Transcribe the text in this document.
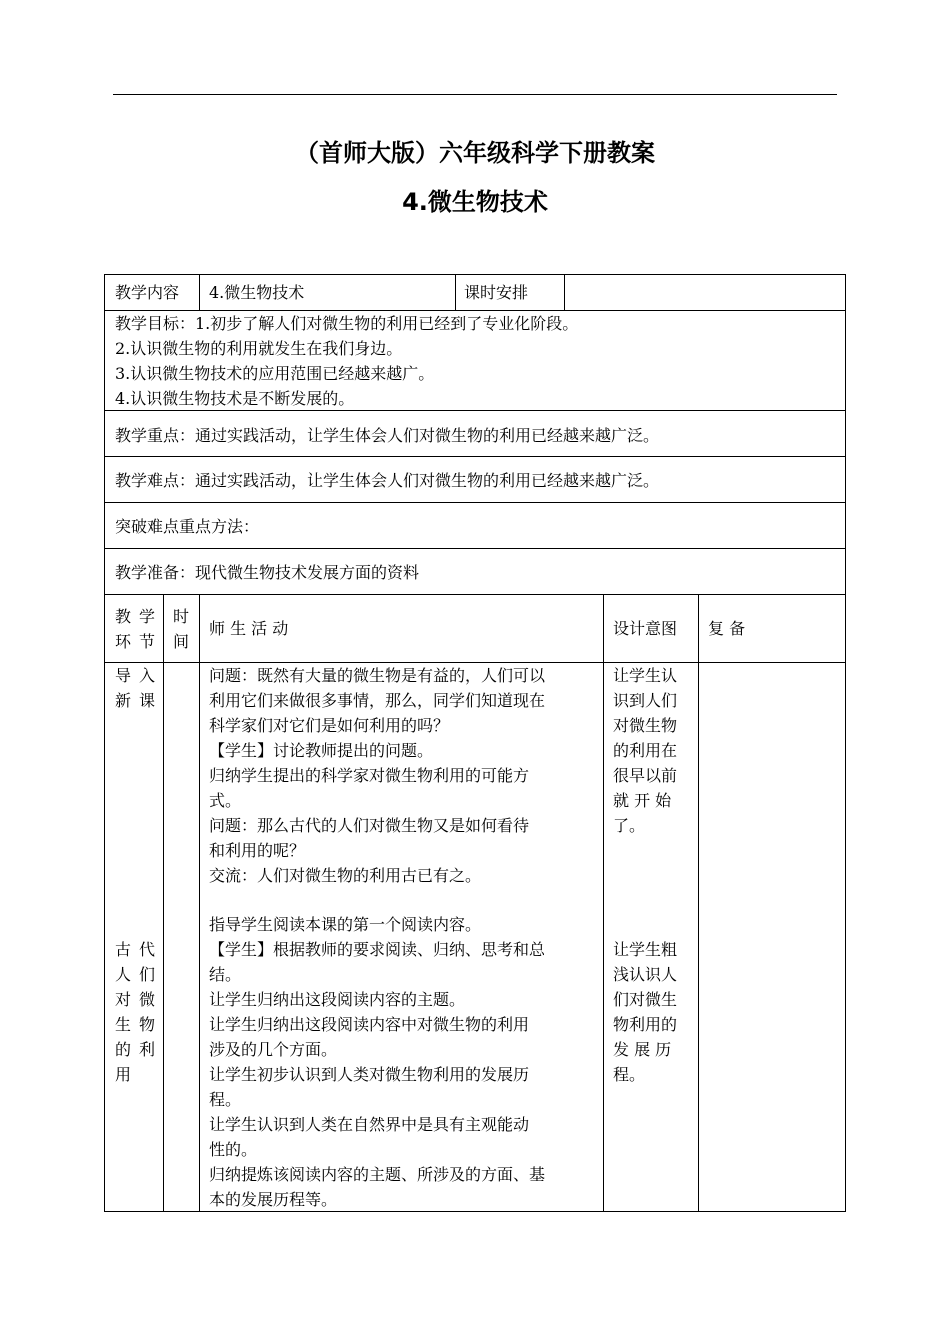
（首师大版）六年级科学下册教案
4.微生物技术
教学内容 4.微生物技术	课时安排
教学目标：1.初步了解人们对微生物的利用已经到了专业化阶段。
2.认识微生物的利用就发生在我们身边。
3.认识微生物技术的应用范围已经越来越广。
4.认识微生物技术是不断发展的。
教学重点：通过实践活动，让学生体会人们对微生物的利用已经越来越广泛。
教学难点：通过实践活动，让学生体会人们对微生物的利用已经越来越广泛。
突破难点重点方法：
教学准备：现代微生物技术发展方面的资料
教学
环节
时
间
师 生 活 动	设计意图 复 备
导入
新课
古代
人们
对微
生物
的利
用
问题：既然有大量的微生物是有益的，人们可以
利用它们来做很多事情，那么，同学们知道现在
科学家们对它们是如何利用的吗？
【学生】讨论教师提出的问题。
归纳学生提出的科学家对微生物利用的可能方
式。
问题：那么古代的人们对微生物又是如何看待
和利用的呢？
交流：人们对微生物的利用古已有之。
指导学生阅读本课的第一个阅读内容。
【学生】根据教师的要求阅读、归纳、思考和总
结。
让学生归纳出这段阅读内容的主题。
让学生归纳出这段阅读内容中对微生物的利用
涉及的几个方面。
让学生初步认识到人类对微生物利用的发展历
程。
让学生认识到人类在自然界中是具有主观能动
性的。
归纳提炼该阅读内容的主题、所涉及的方面、基
本的发展历程等。
让学生认
识到人们
对微生物
的利用在
很早以前
就 开 始
了。
让学生粗
浅认识人
们对微生
物利用的
发 展 历
程。
